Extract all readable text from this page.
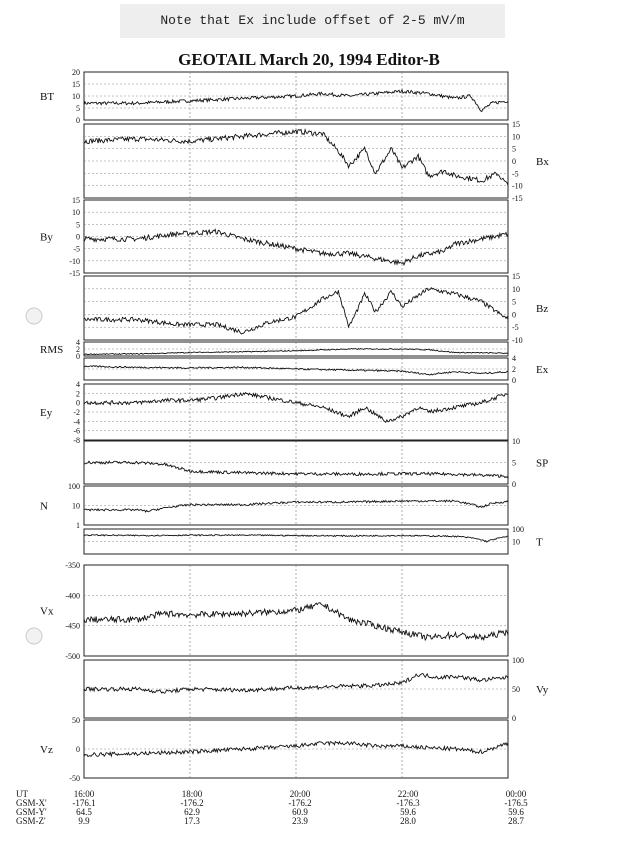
Note that Ex include offset of 2-5 mV/m
GEOTAIL March 20, 1994 Editor-B
0
5
10
15
20
BT
-15
-10
-5
0
5
10
15
Bx
-15
-10
-5
0
5
10
15
By
-10
-5
0
5
10
15
Bz
0
2
4
RMS
0
2
4
Ex
-8
-6
-4
-2
0
2
4
Ey
0
5
10
SP
1
10
100
N
10
100
T
-500
-450
-400
-350
Vx
0
50
100
Vy
-50
0
50
Vz
UT
GSM-X'
GSM-Y'
GSM-Z'
16:00
-176.1
64.5
9.9
18:00
-176.2
62.9
17.3
20:00
-176.2
60.9
23.9
22:00
-176.3
59.6
28.0
00:00
-176.5
59.6
28.7
